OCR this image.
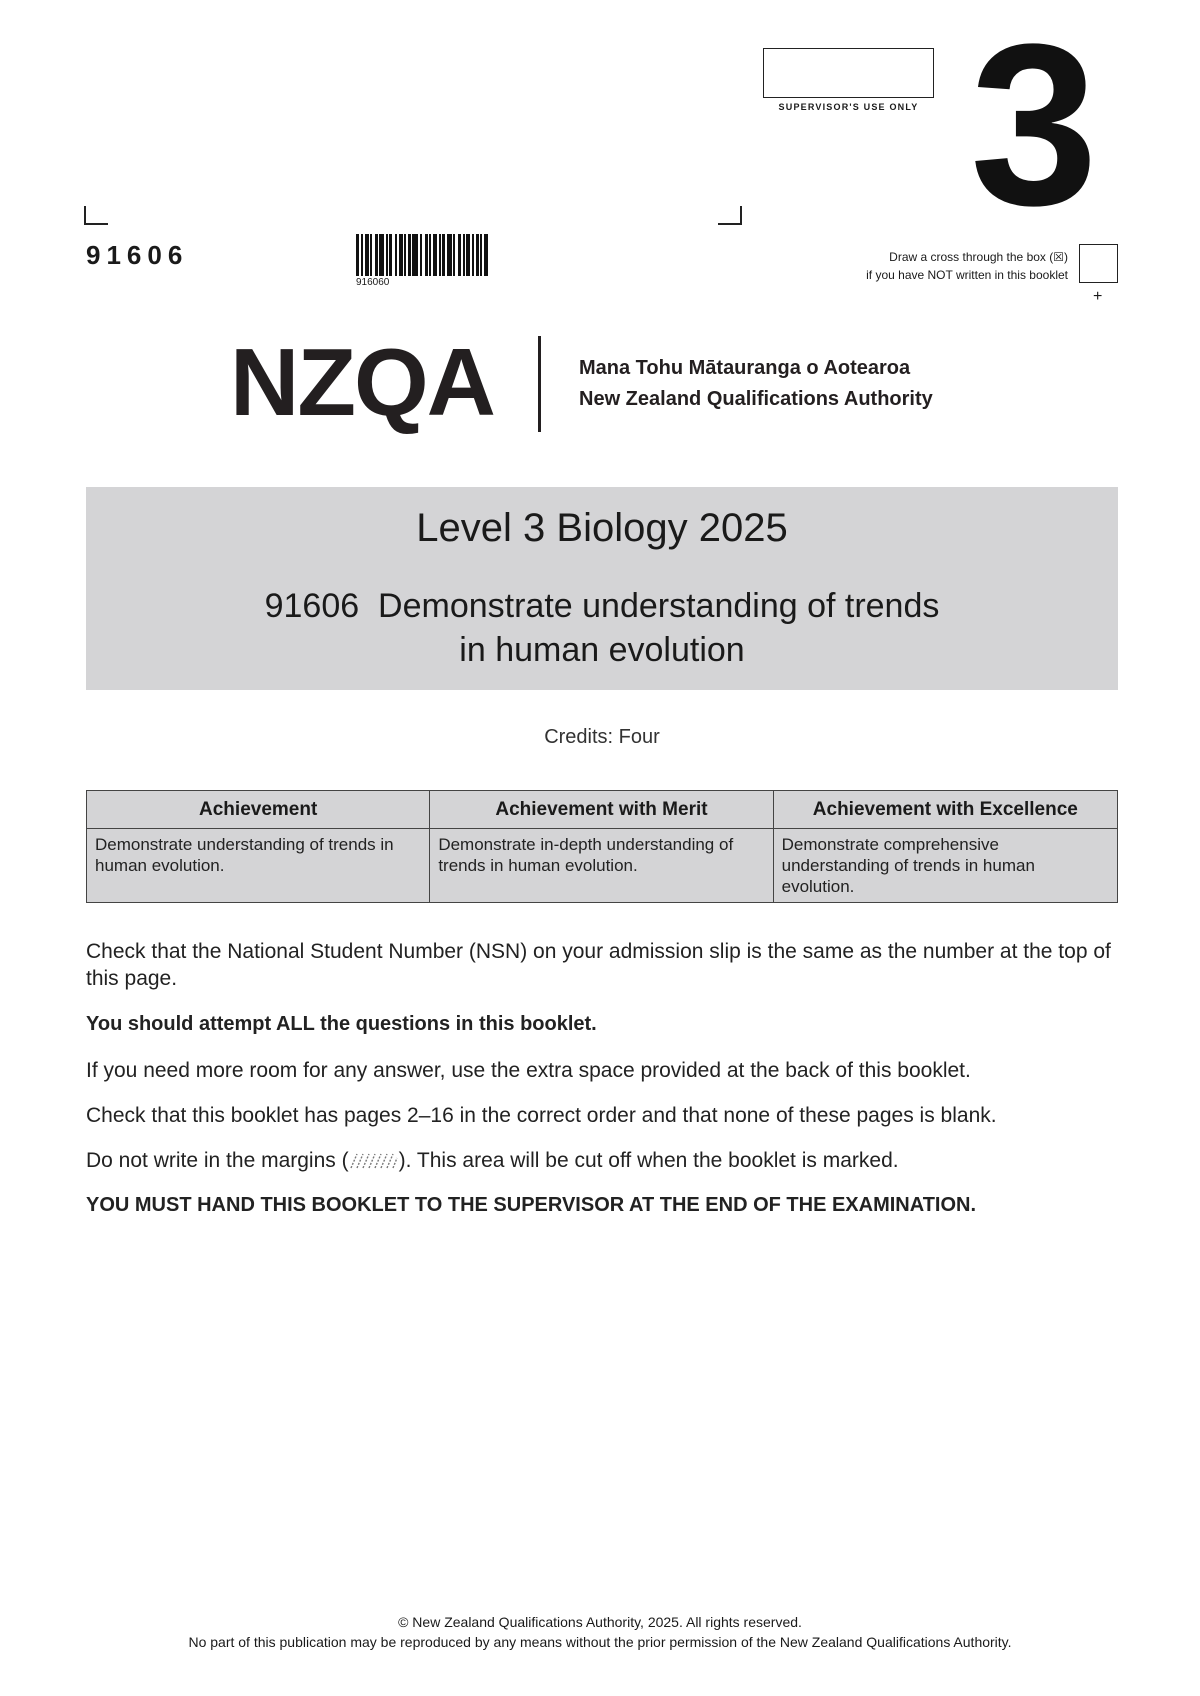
SUPERVISOR'S USE ONLY 3
91606
916060
Draw a cross through the box (☒)
if you have NOT written in this booklet
+
NZQA	Mana Tohu Mātauranga o Aotearoa
New Zealand Qualifications Authority
Level 3 Biology 2025
91606  Demonstrate understanding of trends
in human evolution
Credits: Four
Achievement	Achievement with Merit	Achievement with Excellence
Demonstrate understanding of trends in human evolution.	Demonstrate in-depth understanding of trends in human evolution.	Demonstrate comprehensive understanding of trends in human evolution.
Check that the National Student Number (NSN) on your admission slip is the same as the number at the top of this page.
You should attempt ALL the questions in this booklet.
If you need more room for any answer, use the extra space provided at the back of this booklet.
Check that this booklet has pages 2–16 in the correct order and that none of these pages is blank.
Do not write in the margins ( ). This area will be cut off when the booklet is marked.
YOU MUST HAND THIS BOOKLET TO THE SUPERVISOR AT THE END OF THE EXAMINATION.
© New Zealand Qualifications Authority, 2025. All rights reserved.
No part of this publication may be reproduced by any means without the prior permission of the New Zealand Qualifications Authority.
